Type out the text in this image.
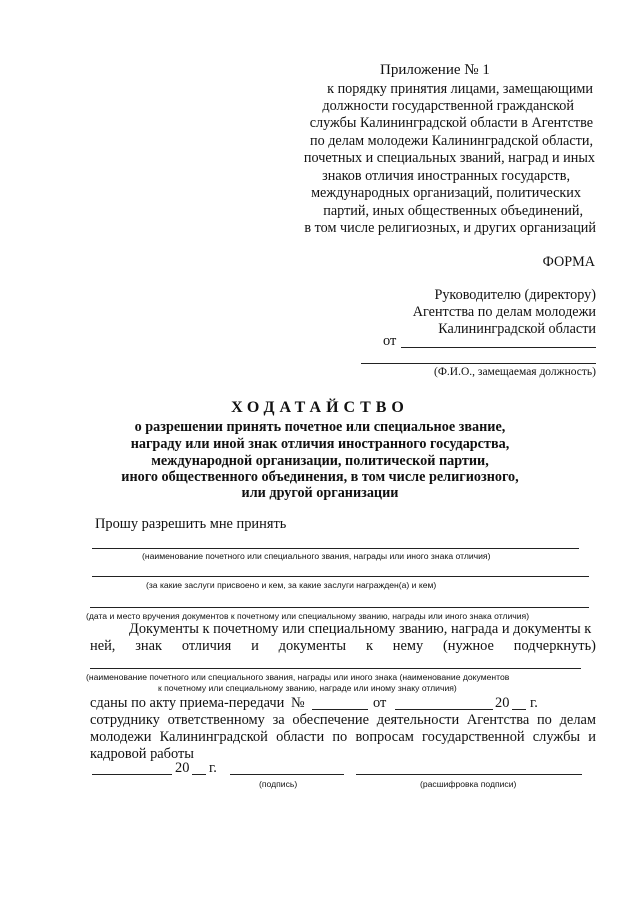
Приложение № 1
к порядку принятия лицами, замещающими
должности государственной гражданской
службы Калининградской области в Агентстве
по делам молодежи Калининградской области,
почетных и специальных званий, наград и иных
знаков отличия иностранных государств,
международных организаций, политических
партий, иных общественных объединений,
в том числе религиозных, и других организаций
ФОРМА
Руководителю (директору)
Агентства по делам молодежи
Калининградской области
от
(Ф.И.О., замещаемая должность)
ХОДАТАЙСТВО
о разрешении принять почетное или специальное звание,
награду или иной знак отличия иностранного государства,
международной организации, политической партии,
иного общественного объединения, в том числе религиозного,
или другой организации
Прошу разрешить мне принять
(наименование почетного или специального звания, награды или иного знака отличия)
(за какие заслуги присвоено и кем, за какие заслуги награжден(а) и кем)
(дата и место вручения документов к почетному или специальному званию, награды или иного знака отличия)
Документы к почетному или специальному званию, награда и документы к
ней, знак отличия и документы к нему (нужное подчеркнуть)
(наименование почетного или специального звания, награды или иного знака (наименование документов
к почетному или специальному званию, награде или иному знаку отличия)
сданы по акту приема-передачи №	от	20 г.
сотруднику ответственному за обеспечение деятельности Агентства по делам
молодежи Калининградской области по вопросам государственной службы и
кадровой работы
20 г.
(подпись)	(расшифровка подписи)
